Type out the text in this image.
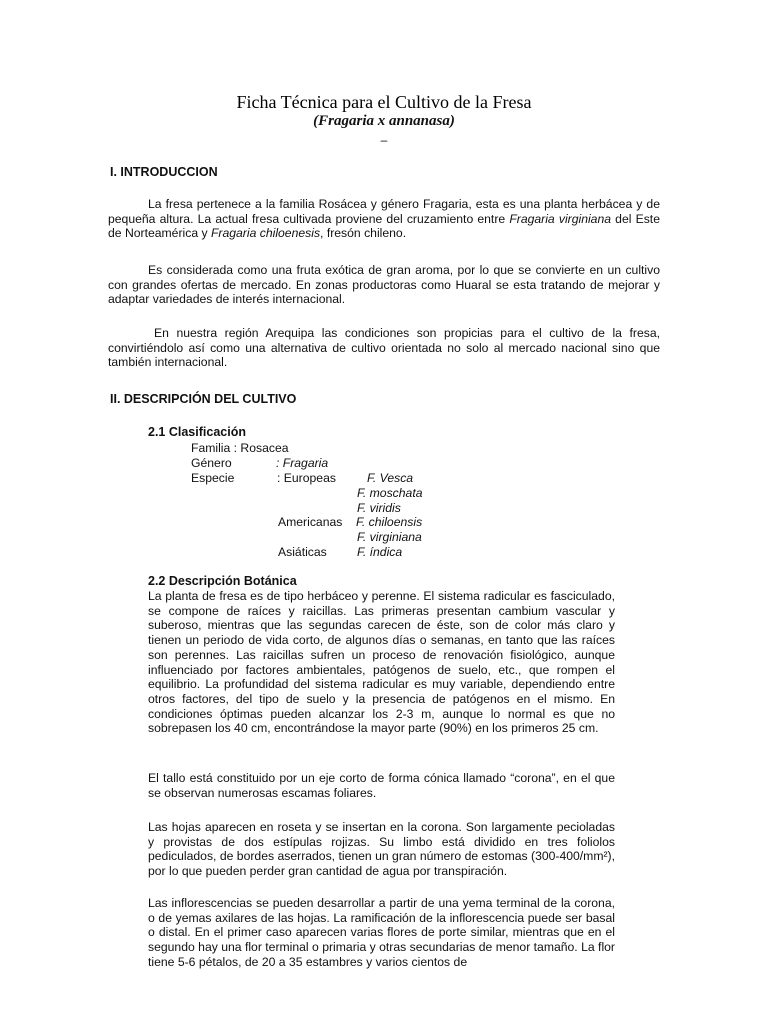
Ficha Técnica para el Cultivo de la Fresa
(Fragaria x annanasa)
–
I. INTRODUCCION
La fresa pertenece a la familia Rosácea y género Fragaria, esta es una planta herbácea y de pequeña altura. La actual fresa cultivada proviene del cruzamiento entre Fragaria virginiana del Este de Norteamérica y Fragaria chiloenesis, fresón chileno.
Es considerada como una fruta exótica de gran aroma, por lo que se convierte en un cultivo con grandes ofertas de mercado. En zonas productoras como Huaral se esta tratando de mejorar y adaptar variedades de interés internacional.
En nuestra región Arequipa las condiciones son propicias para el cultivo de la fresa, convirtiéndolo así como una alternativa de cultivo orientada no solo al mercado nacional sino que también internacional.
II. DESCRIPCIÓN DEL CULTIVO
2.1 Clasificación
Familia : Rosacea
Género	: Fragaria
Especie	: Europeas	F. Vesca
F. moschata
F. viridis
Americanas F. chiloensis
F. virginiana
Asiáticas F. índica
2.2 Descripción Botánica
La planta de fresa es de tipo herbáceo y perenne. El sistema radicular es fasciculado, se compone de raíces y raicillas. Las primeras presentan cambium vascular y suberoso, mientras que las segundas carecen de éste, son de color más claro y tienen un periodo de vida corto, de algunos días o semanas, en tanto que las raíces son perennes. Las raicillas sufren un proceso de renovación fisiológico, aunque influenciado por factores ambientales, patógenos de suelo, etc., que rompen el equilibrio. La profundidad del sistema radicular es muy variable, dependiendo entre otros factores, del tipo de suelo y la presencia de patógenos en el mismo. En condiciones óptimas pueden alcanzar los 2-3 m, aunque lo normal es que no sobrepasen los 40 cm, encontrándose la mayor parte (90%) en los primeros 25 cm.
El tallo está constituido por un eje corto de forma cónica llamado “corona”, en el que se observan numerosas escamas foliares.
Las hojas aparecen en roseta y se insertan en la corona. Son largamente pecioladas y provistas de dos estípulas rojizas. Su limbo está dividido en tres foliolos pediculados, de bordes aserrados, tienen un gran número de estomas (300-400/mm²), por lo que pueden perder gran cantidad de agua por transpiración.
Las inflorescencias se pueden desarrollar a partir de una yema terminal de la corona, o de yemas axilares de las hojas. La ramificación de la inflorescencia puede ser basal o distal. En el primer caso aparecen varias flores de porte similar, mientras que en el segundo hay una flor terminal o primaria y otras secundarias de menor tamaño. La flor tiene 5-6 pétalos, de 20 a 35 estambres y varios cientos de
